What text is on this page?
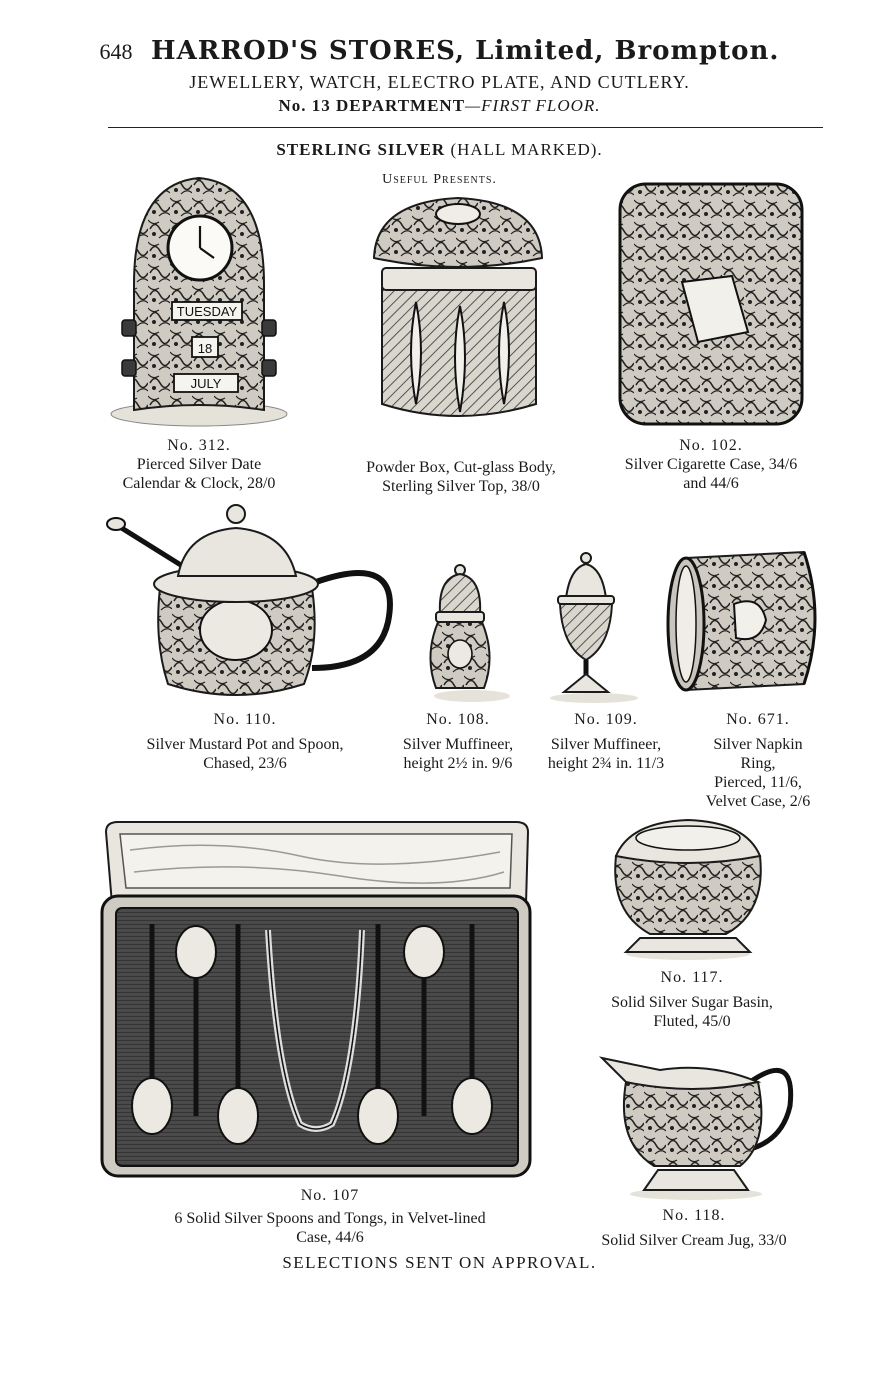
648 HARROD'S STORES, Limited, Brompton.
JEWELLERY, WATCH, ELECTRO PLATE, AND CUTLERY.
No. 13 DEPARTMENT—FIRST FLOOR.
STERLING SILVER (HALL MARKED).
Useful Presents.
TUESDAY
18
JULY
No. 312.
Pierced Silver Date
Calendar & Clock, 28/0
Powder Box, Cut-glass Body,
Sterling Silver Top, 38/0
No. 102.
Silver Cigarette Case, 34/6
and 44/6
No. 110.
Silver Mustard Pot and Spoon,
Chased, 23/6
No. 108.
Silver Muffineer,
height 2½ in. 9/6
No. 109.
Silver Muffineer,
height 2¾ in. 11/3
No. 671.
Silver Napkin
Ring,
Pierced, 11/6,
Velvet Case, 2/6
No. 107
6 Solid Silver Spoons and Tongs, in Velvet-lined
Case, 44/6
No. 117.
Solid Silver Sugar Basin,
Fluted, 45/0
No. 118.
Solid Silver Cream Jug, 33/0
SELECTIONS SENT ON APPROVAL.
